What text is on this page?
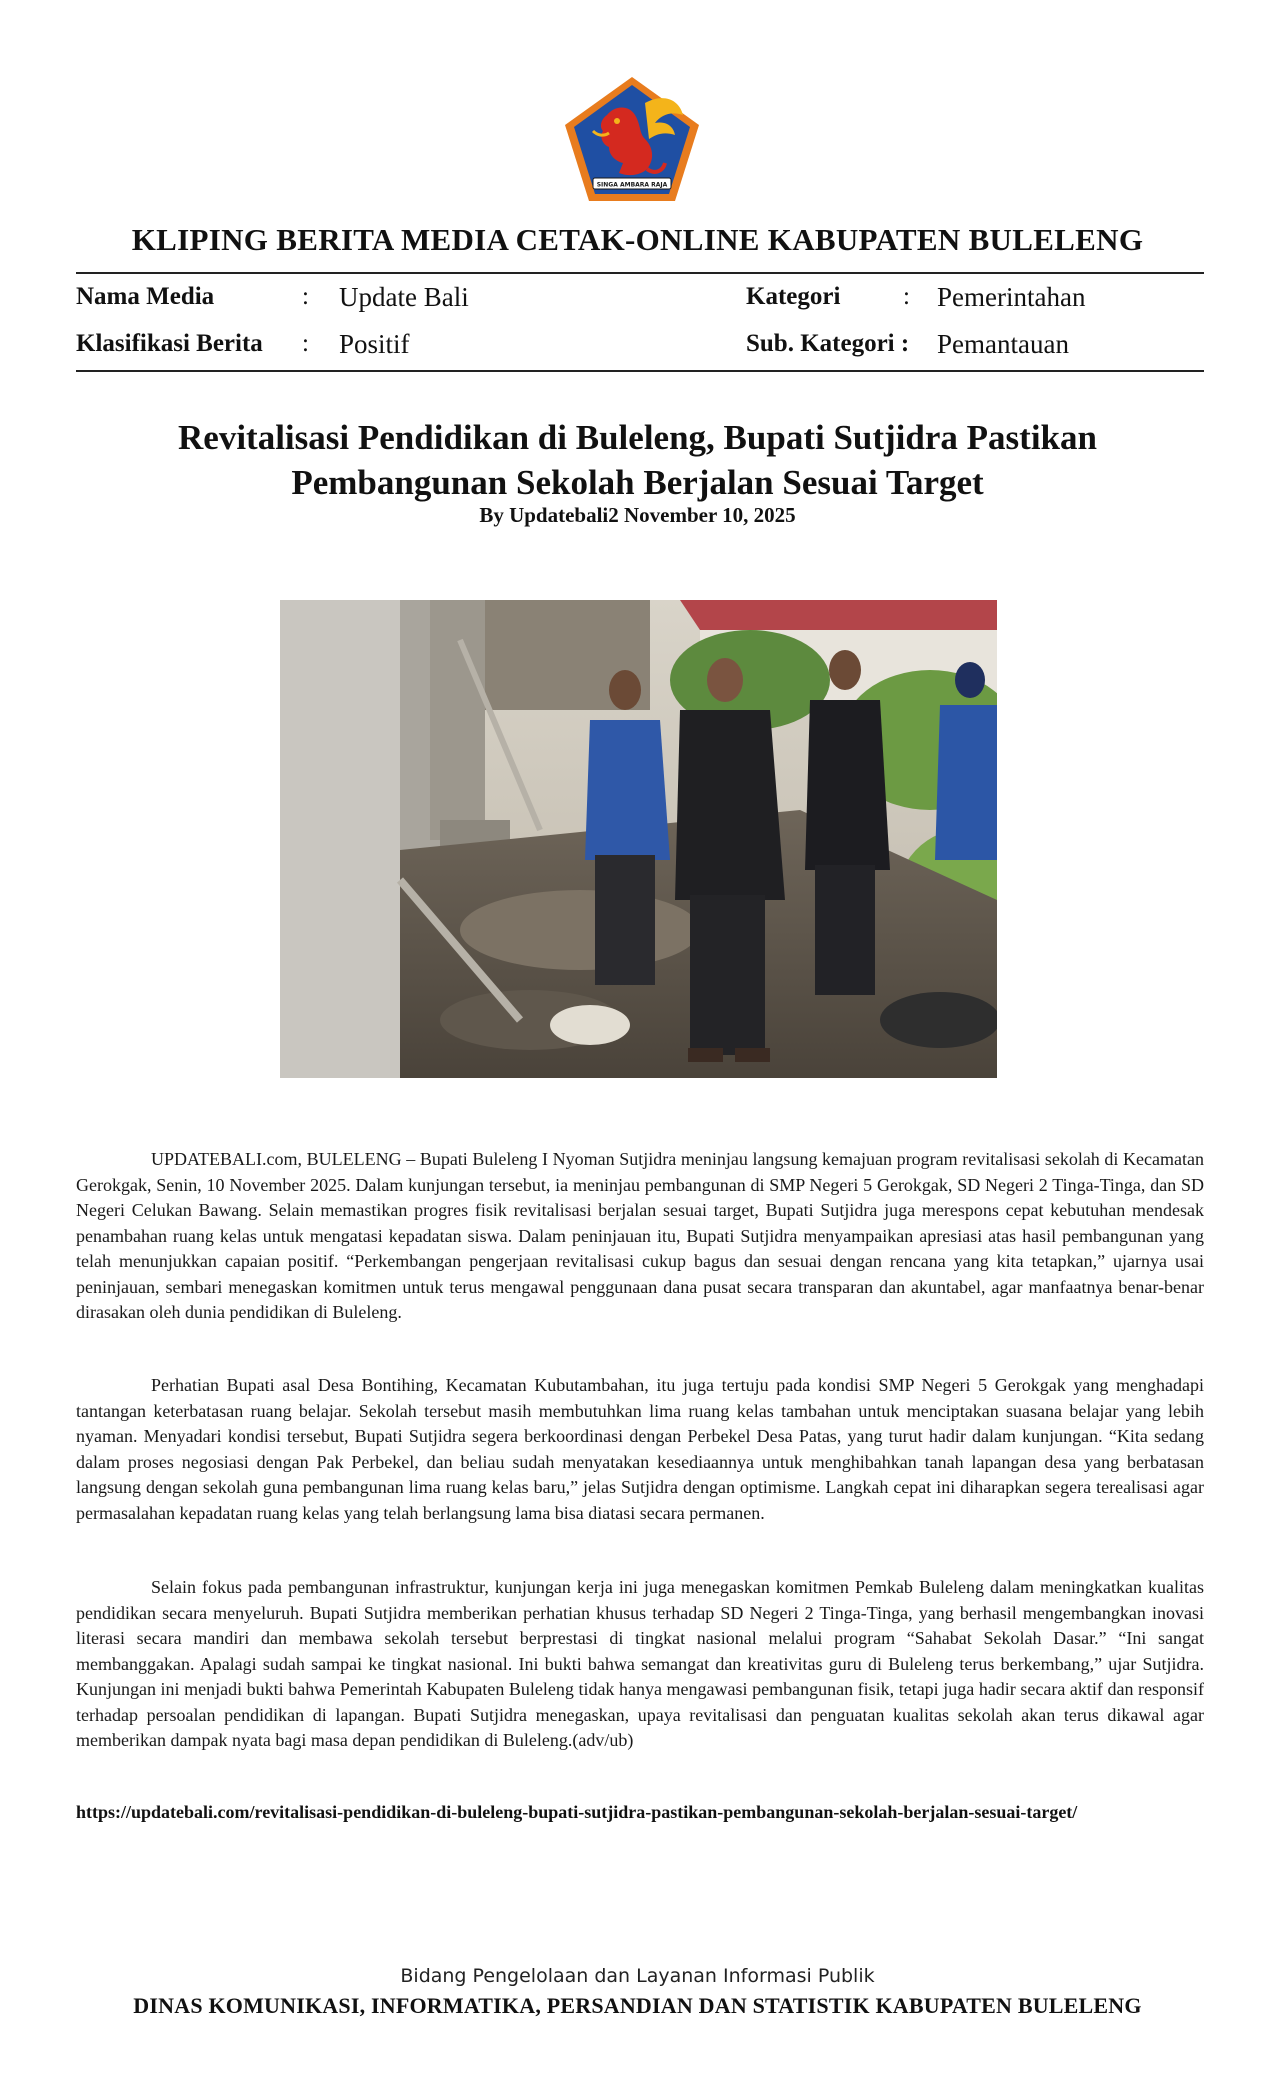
SINGA AMBARA RAJA
KLIPING BERITA MEDIA CETAK-ONLINE KABUPATEN BULELENG
Nama Media	: Update Bali
Klasifikasi Berita : Positif
Kategori	: Pemerintahan
Sub. Kategori : Pemantauan
Revitalisasi Pendidikan di Buleleng, Bupati Sutjidra Pastikan
Pembangunan Sekolah Berjalan Sesuai Target
By Updatebali2 November 10, 2025

UPDATEBALI.com, BULELENG – Bupati Buleleng I Nyoman Sutjidra meninjau langsung kemajuan program revitalisasi sekolah di Kecamatan Gerokgak, Senin, 10 November 2025. Dalam kunjungan tersebut, ia meninjau pembangunan di SMP Negeri 5 Gerokgak, SD Negeri 2 Tinga-Tinga, dan SD Negeri Celukan Bawang. Selain memastikan progres fisik revitalisasi berjalan sesuai target, Bupati Sutjidra juga merespons cepat kebutuhan mendesak penambahan ruang kelas untuk mengatasi kepadatan siswa. Dalam peninjauan itu, Bupati Sutjidra menyampaikan apresiasi atas hasil pembangunan yang telah menunjukkan capaian positif. “Perkembangan pengerjaan revitalisasi cukup bagus dan sesuai dengan rencana yang kita tetapkan,” ujarnya usai peninjauan, sembari menegaskan komitmen untuk terus mengawal penggunaan dana pusat secara transparan dan akuntabel, agar manfaatnya benar-benar dirasakan oleh dunia pendidikan di Buleleng.

Perhatian Bupati asal Desa Bontihing, Kecamatan Kubutambahan, itu juga tertuju pada kondisi SMP Negeri 5 Gerokgak yang menghadapi tantangan keterbatasan ruang belajar. Sekolah tersebut masih membutuhkan lima ruang kelas tambahan untuk menciptakan suasana belajar yang lebih nyaman. Menyadari kondisi tersebut, Bupati Sutjidra segera berkoordinasi dengan Perbekel Desa Patas, yang turut hadir dalam kunjungan. “Kita sedang dalam proses negosiasi dengan Pak Perbekel, dan beliau sudah menyatakan kesediaannya untuk menghibahkan tanah lapangan desa yang berbatasan langsung dengan sekolah guna pembangunan lima ruang kelas baru,” jelas Sutjidra dengan optimisme. Langkah cepat ini diharapkan segera terealisasi agar permasalahan kepadatan ruang kelas yang telah berlangsung lama bisa diatasi secara permanen.

Selain fokus pada pembangunan infrastruktur, kunjungan kerja ini juga menegaskan komitmen Pemkab Buleleng dalam meningkatkan kualitas pendidikan secara menyeluruh. Bupati Sutjidra memberikan perhatian khusus terhadap SD Negeri 2 Tinga-Tinga, yang berhasil mengembangkan inovasi literasi secara mandiri dan membawa sekolah tersebut berprestasi di tingkat nasional melalui program “Sahabat Sekolah Dasar.” “Ini sangat membanggakan. Apalagi sudah sampai ke tingkat nasional. Ini bukti bahwa semangat dan kreativitas guru di Buleleng terus berkembang,” ujar Sutjidra. Kunjungan ini menjadi bukti bahwa Pemerintah Kabupaten Buleleng tidak hanya mengawasi pembangunan fisik, tetapi juga hadir secara aktif dan responsif terhadap persoalan pendidikan di lapangan. Bupati Sutjidra menegaskan, upaya revitalisasi dan penguatan kualitas sekolah akan terus dikawal agar memberikan dampak nyata bagi masa depan pendidikan di Buleleng.(adv/ub)

https://updatebali.com/revitalisasi-pendidikan-di-buleleng-bupati-sutjidra-pastikan-pembangunan-sekolah-berjalan-sesuai-target/
Bidang Pengelolaan dan Layanan Informasi Publik
DINAS KOMUNIKASI, INFORMATIKA, PERSANDIAN DAN STATISTIK KABUPATEN BULELENG
